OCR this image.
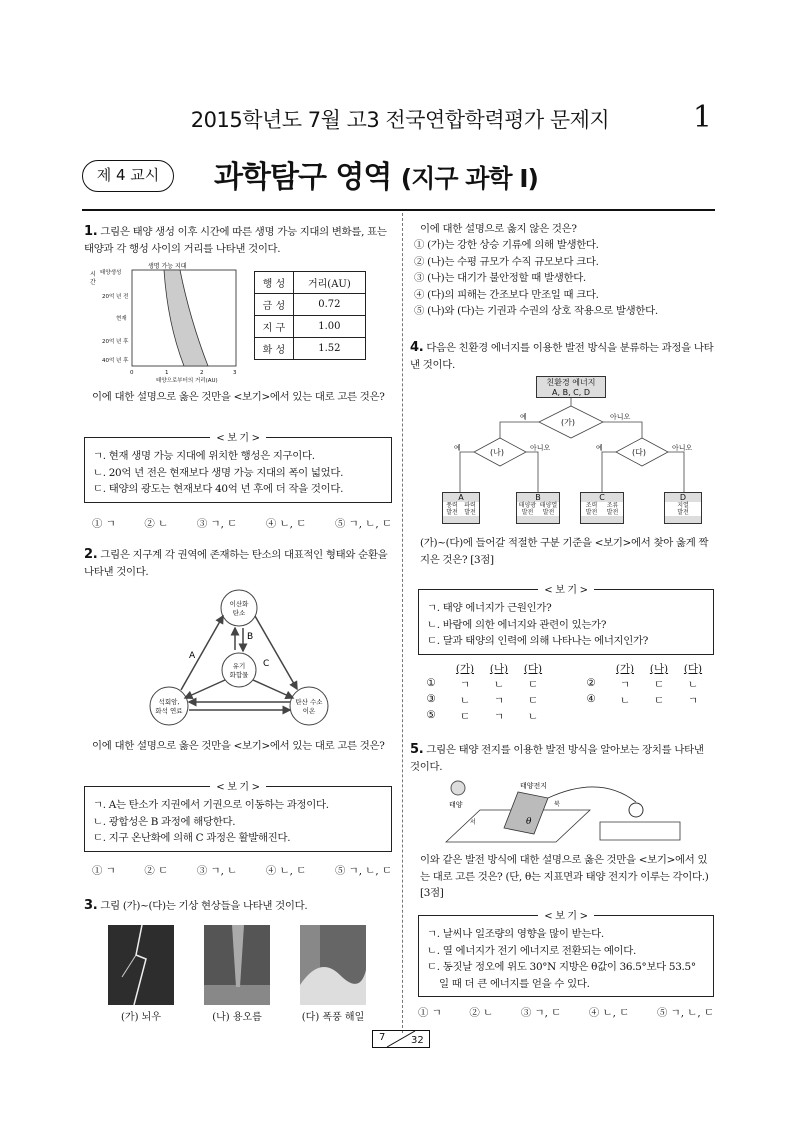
2015학년도 7월 고3 전국연합학력평가 문제지	1
제 4 교시	과학탐구 영역 (지구 과학 Ⅰ)
1. 그림은 태양 생성 이후 시간에 따른 생명 가능 지대의 변화를, 표는 태양과 각 행성 사이의 거리를 나타낸 것이다.
생명 가능 지대
시
간
태양생성
20억 년 전
현재
20억 년 후
40억 년 후
0	1	2	3
태양으로부터의 거리(AU)
행 성	거리(AU)
금 성	0.72
지 구	1.00
화 성	1.52
이에 대한 설명으로 옳은 것만을 <보기>에서 있는 대로 고른 것은?
< 보 기 >
ㄱ. 현재 생명 가능 지대에 위치한 행성은 지구이다.
ㄴ. 20억 년 전은 현재보다 생명 가능 지대의 폭이 넓었다.
ㄷ. 태양의 광도는 현재보다 40억 년 후에 더 작을 것이다.
① ㄱ	② ㄴ	③ ㄱ, ㄷ	④ ㄴ, ㄷ	⑤ ㄱ, ㄴ, ㄷ
2. 그림은 지구계 각 권역에 존재하는 탄소의 대표적인 형태와 순환을 나타낸 것이다.
이산화
탄소
유기
화합물
석회암,
화석 연료
탄산 수소
이온
A
B
C
이에 대한 설명으로 옳은 것만을 <보기>에서 있는 대로 고른 것은?
< 보 기 >
ㄱ. A는 탄소가 지권에서 기권으로 이동하는 과정이다.
ㄴ. 광합성은 B 과정에 해당한다.
ㄷ. 지구 온난화에 의해 C 과정은 활발해진다.
① ㄱ	② ㄷ	③ ㄱ, ㄴ	④ ㄴ, ㄷ	⑤ ㄱ, ㄴ, ㄷ
3. 그림 (가)~(다)는 기상 현상들을 나타낸 것이다.
(가) 뇌우	(나) 용오름	(다) 폭풍 해일
이에 대한 설명으로 옳지 않은 것은?
① (가)는 강한 상승 기류에 의해 발생한다.
② (나)는 수평 규모가 수직 규모보다 크다.
③ (나)는 대기가 불안정할 때 발생한다.
④ (다)의 피해는 간조보다 만조일 때 크다.
⑤ (나)와 (다)는 기권과 수권의 상호 작용으로 발생한다.
4. 다음은 친환경 에너지를 이용한 발전 방식을 분류하는 과정을 나타낸 것이다.
친환경 에너지
A, B, C, D
(가)
(나)	(다)
예	아니오
예	아니오	예	아니오
A
풍력
발전
파력
발전
B
태양광
발전
태양열
발전
C
조력
발전
조류
발전
D
지열
발전
(가)~(다)에 들어갈 적절한 구분 기준을 <보기>에서 찾아 옳게 짝지은 것은? [3점]
< 보 기 >
ㄱ. 태양 에너지가 근원인가?
ㄴ. 바람에 의한 에너지와 관련이 있는가?
ㄷ. 달과 태양의 인력에 의해 나타나는 에너지인가?
	(가)	(나)	(다)
①	ㄱ	ㄴ	ㄷ
③	ㄴ	ㄱ	ㄷ
⑤	ㄷ	ㄱ	ㄴ
	(가)	(나)	(다)
②	ㄱ	ㄷ	ㄴ
④	ㄴ	ㄷ	ㄱ
5. 그림은 태양 전지를 이용한 발전 방식을 알아보는 장치를 나타낸 것이다.
태양
태양전지
θ
북
서
이와 같은 발전 방식에 대한 설명으로 옳은 것만을 <보기>에서 있는 대로 고른 것은? (단, θ는 지표면과 태양 전지가 이루는 각이다.) [3점]
< 보 기 >
ㄱ. 날씨나 일조량의 영향을 많이 받는다.
ㄴ. 열 에너지가 전기 에너지로 전환되는 예이다.
ㄷ. 동짓날 정오에 위도 30°N 지방은 θ값이 36.5°보다 53.5°
일 때 더 큰 에너지를 얻을 수 있다.
① ㄱ	② ㄴ	③ ㄱ, ㄷ	④ ㄴ, ㄷ	⑤ ㄱ, ㄴ, ㄷ
7	32
